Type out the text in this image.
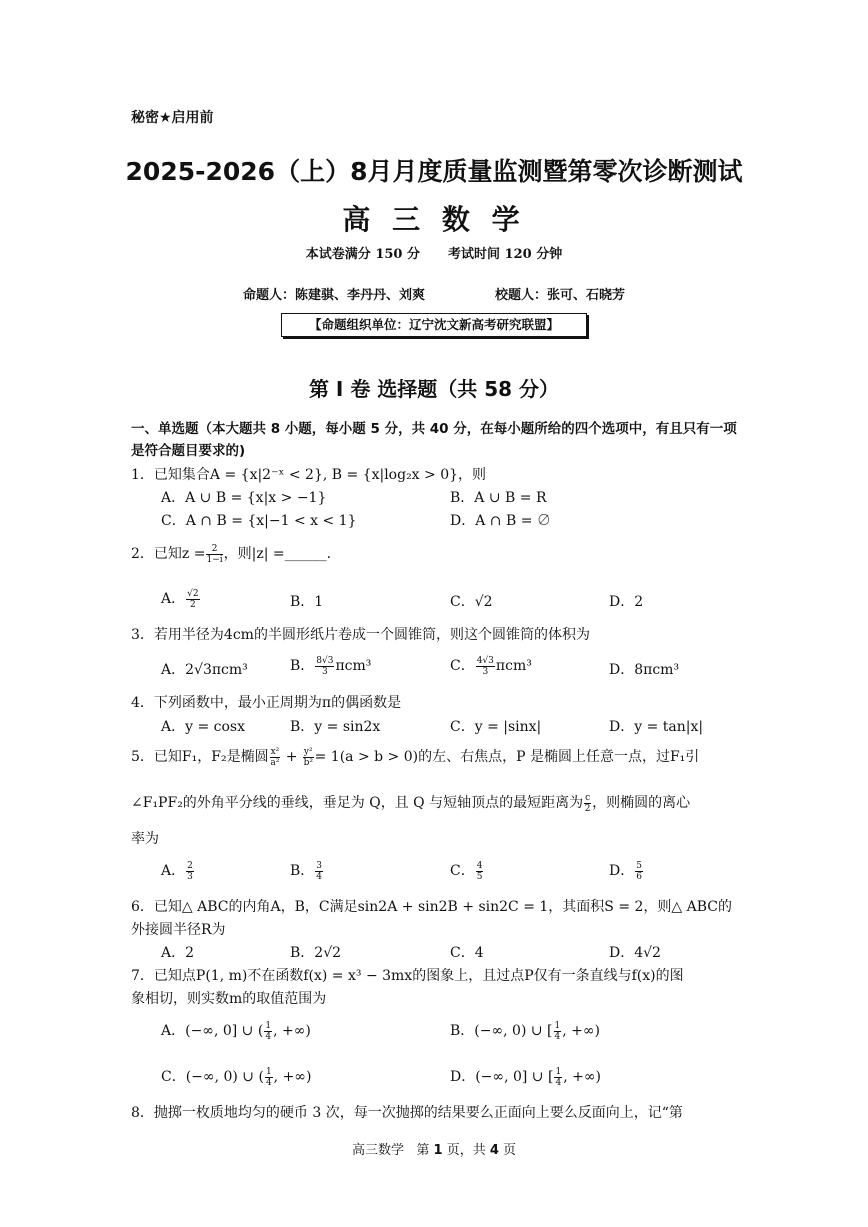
秘密★启用前
2025-2026（上）8月月度质量监测暨第零次诊断测试
高 三 数 学
本试卷满分 150 分 考试时间 120 分钟
命题人：陈建骐、李丹丹、刘爽	校题人：张可、石晓芳
【命题组织单位：辽宁沈文新高考研究联盟】
第 I 卷 选择题（共 58 分）
一、单选题（本大题共 8 小题，每小题 5 分，共 40 分，在每小题所给的四个选项中，有且只有一项是符合题目要求的)
1．已知集合A = {x|2⁻ˣ < 2}, B = {x|log₂x > 0}，则
A．A ∪ B = {x|x > −1}	B．A ∪ B = R
C．A ∩ B = {x|−1 < x < 1}	D．A ∩ B = ∅
2．已知$z = \frac{2}{1-i}$ ，则|z| =______.
A． $\frac{√2}{2}$	B．1	C．√2	D．2
3．若用半径为4cm的半圆形纸片卷成一个圆锥筒，则这个圆锥筒的体积为
A．2√3πcm³	B． $\frac{8√3}{3} \pi cm^3$	C． $\frac{4√3}{3} \pi cm^3$	D．8πcm³
4．下列函数中，最小正周期为π的偶函数是
A．y = cosx	B．y = sin2x	C．y = |sinx|	D．y = tan|x|
5．已知F₁，F₂是椭圆 $\frac{\text{x²}}{\text{a²}} + \frac{\text{y²}}{\text{b²}} = 1(a > b > 0)$的左、右焦点，P 是椭圆上任意一点，过F₁引
∠F₁PF₂的外角平分线的垂线，垂足为 Q，且 Q 与短轴顶点的最短距离为 $\frac{c}{2}$ ，则椭圆的离心
率为
A． $\frac{2}{3}$	B． $\frac{3}{4}$	C． $\frac{4}{5}$	D． $\frac{5}{6}$
6．已知△ ABC的内角A，B，C满足sin2A + sin2B + sin2C = 1，其面积S = 2，则△ ABC的
外接圆半径R为
A．2	B．2√2	C．4	D．4√2
7．已知点P(1, m)不在函数f(x) = x³ − 3mx的图象上，且过点P仅有一条直线与f(x)的图
象相切，则实数m的取值范围为
A．(−∞, 0] ∪ ( $\frac{1}{4}$ , +∞)	B．(−∞, 0) ∪ [ $\frac{1}{4}$ , +∞)
C．(−∞, 0) ∪ ( $\frac{1}{4}$ , +∞)	D．(−∞, 0] ∪ [ $\frac{1}{4}$ , +∞)
8．抛掷一枚质地均匀的硬币 3 次，每一次抛掷的结果要么正面向上要么反面向上，记“第
高三数学 第 1 页，共 4 页
